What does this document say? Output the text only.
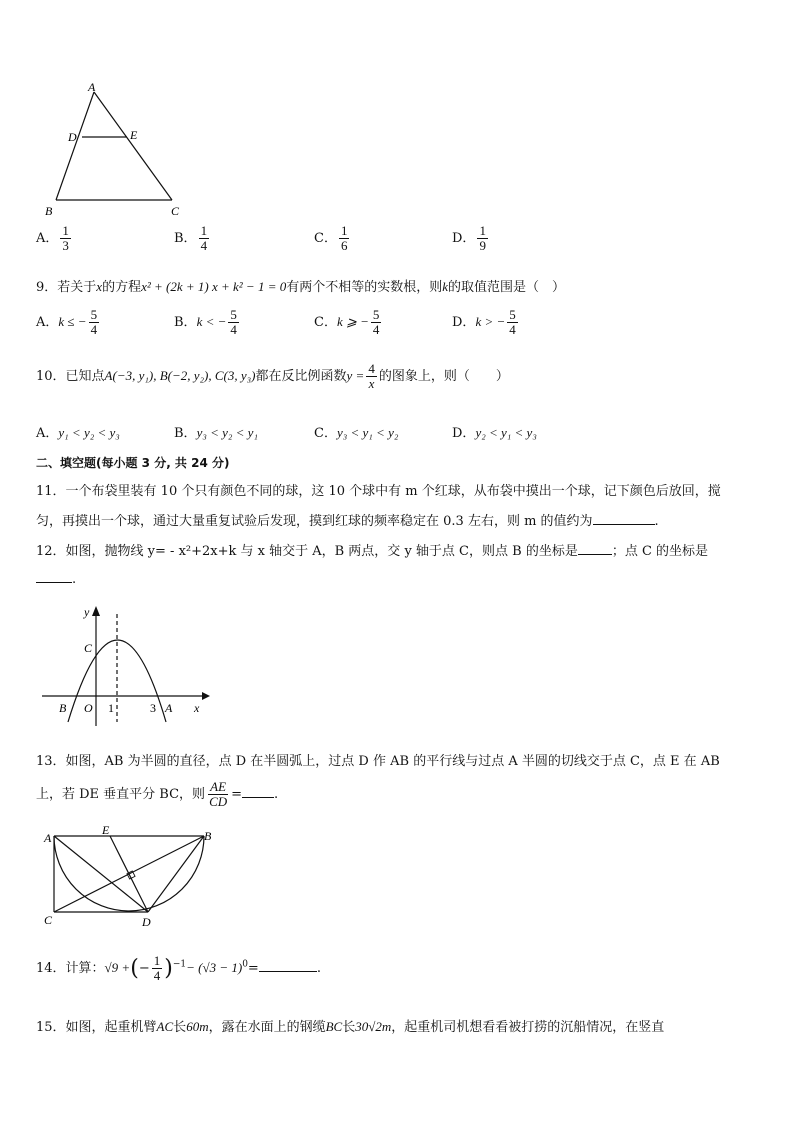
A
D	E
B	C
A． $\frac{1}{3}$	B． $\frac{1}{4}$	C． $\frac{1}{6}$	D． $\frac{1}{9}$
9．若关于x的方程x² + (2k + 1) x + k² − 1 = 0有两个不相等的实数根，则k的取值范围是（　）
A．k ≤ − $\frac{5}{4}$	B．k < − $\frac{5}{4}$	C．k ⩾ − $\frac{5}{4}$	D．k > − $\frac{5}{4}$
10．已知点A(−3, y₁), B(−2, y₂), C(3, y₃)都在反比例函数$y = \frac{4}{x}$ 的图象上，则（　　）
A．y₁ < y₂ < y₃	B．y₃ < y₂ < y₁	C．y₃ < y₁ < y₂	D．y₂ < y₁ < y₃
二、填空题(每小题 3 分, 共 24 分)
11．一个布袋里装有 10 个只有颜色不同的球，这 10 个球中有 m 个红球，从布袋中摸出一个球，记下颜色后放回，搅
匀，再摸出一个球，通过大量重复试验后发现，摸到红球的频率稳定在 0.3 左右，则 m 的值约为	.
12．如图，抛物线 y= - x²+2x+k 与 x 轴交于 A，B 两点，交 y 轴于点 C，则点 B 的坐标是	；点 C 的坐标是
.
y
x
C
B O 1	3 A
13．如图，AB 为半圆的直径，点 D 在半圆弧上，过点 D 作 AB 的平行线与过点 A 半圆的切线交于点 C，点 E 在 AB
上，若 DE 垂直平分 BC，则 $\frac{AE}{CD}$ = .
A	B
C	D
E
14．计算：√9 +(− $\frac{1}{4} )^{-1}- (√3 - 1)^0=$	.
15．如图，起重机臂AC长60m，露在水面上的钢缆BC长30√2m，起重机司机想看看被打捞的沉船情况，在竖直
